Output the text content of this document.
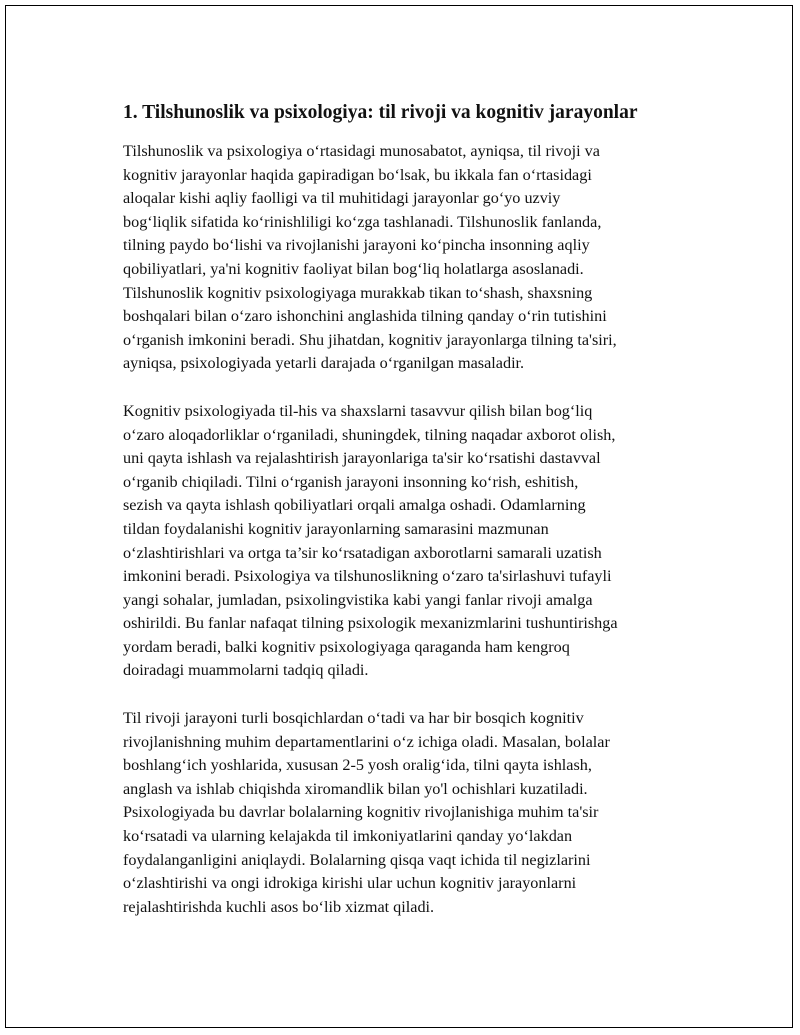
1. Tilshunoslik va psixologiya: til rivoji va kognitiv jarayonlar

Tilshunoslik va psixologiya oʻrtasidagi munosabatot, ayniqsa, til rivoji va
kognitiv jarayonlar haqida gapiradigan boʻlsak, bu ikkala fan oʻrtasidagi
aloqalar kishi aqliy faolligi va til muhitidagi jarayonlar goʻyo uzviy
bogʻliqlik sifatida koʻrinishliligi koʻzga tashlanadi. Tilshunoslik fanlanda,
tilning paydo boʻlishi va rivojlanishi jarayoni koʻpincha insonning aqliy
qobiliyatlari, ya'ni kognitiv faoliyat bilan bogʻliq holatlarga asoslanadi.
Tilshunoslik kognitiv psixologiyaga murakkab tikan toʻshash, shaxsning
boshqalari bilan oʻzaro ishonchini anglashida tilning qanday oʻrin tutishini
oʻrganish imkonini beradi. Shu jihatdan, kognitiv jarayonlarga tilning ta'siri,
ayniqsa, psixologiyada yetarli darajada oʻrganilgan masaladir.

Kognitiv psixologiyada til-his va shaxslarni tasavvur qilish bilan bogʻliq
oʻzaro aloqadorliklar oʻrganiladi, shuningdek, tilning naqadar axborot olish,
uni qayta ishlash va rejalashtirish jarayonlariga ta'sir koʻrsatishi dastavval
oʻrganib chiqiladi. Tilni oʻrganish jarayoni insonning koʻrish, eshitish,
sezish va qayta ishlash qobiliyatlari orqali amalga oshadi. Odamlarning
tildan foydalanishi kognitiv jarayonlarning samarasini mazmunan
oʻzlashtirishlari va ortga ta’sir koʻrsatadigan axborotlarni samarali uzatish
imkonini beradi. Psixologiya va tilshunoslikning oʻzaro ta'sirlashuvi tufayli
yangi sohalar, jumladan, psixolingvistika kabi yangi fanlar rivoji amalga
oshirildi. Bu fanlar nafaqat tilning psixologik mexanizmlarini tushuntirishga
yordam beradi, balki kognitiv psixologiyaga qaraganda ham kengroq
doiradagi muammolarni tadqiq qiladi.

Til rivoji jarayoni turli bosqichlardan oʻtadi va har bir bosqich kognitiv
rivojlanishning muhim departamentlarini oʻz ichiga oladi. Masalan, bolalar
boshlangʻich yoshlarida, xususan 2-5 yosh oraligʻida, tilni qayta ishlash,
anglash va ishlab chiqishda xiromandlik bilan yo'l ochishlari kuzatiladi.
Psixologiyada bu davrlar bolalarning kognitiv rivojlanishiga muhim ta'sir
koʻrsatadi va ularning kelajakda til imkoniyatlarini qanday yoʻlakdan
foydalanganligini aniqlaydi. Bolalarning qisqa vaqt ichida til negizlarini
oʻzlashtirishi va ongi idrokiga kirishi ular uchun kognitiv jarayonlarni
rejalashtirishda kuchli asos boʻlib xizmat qiladi.
